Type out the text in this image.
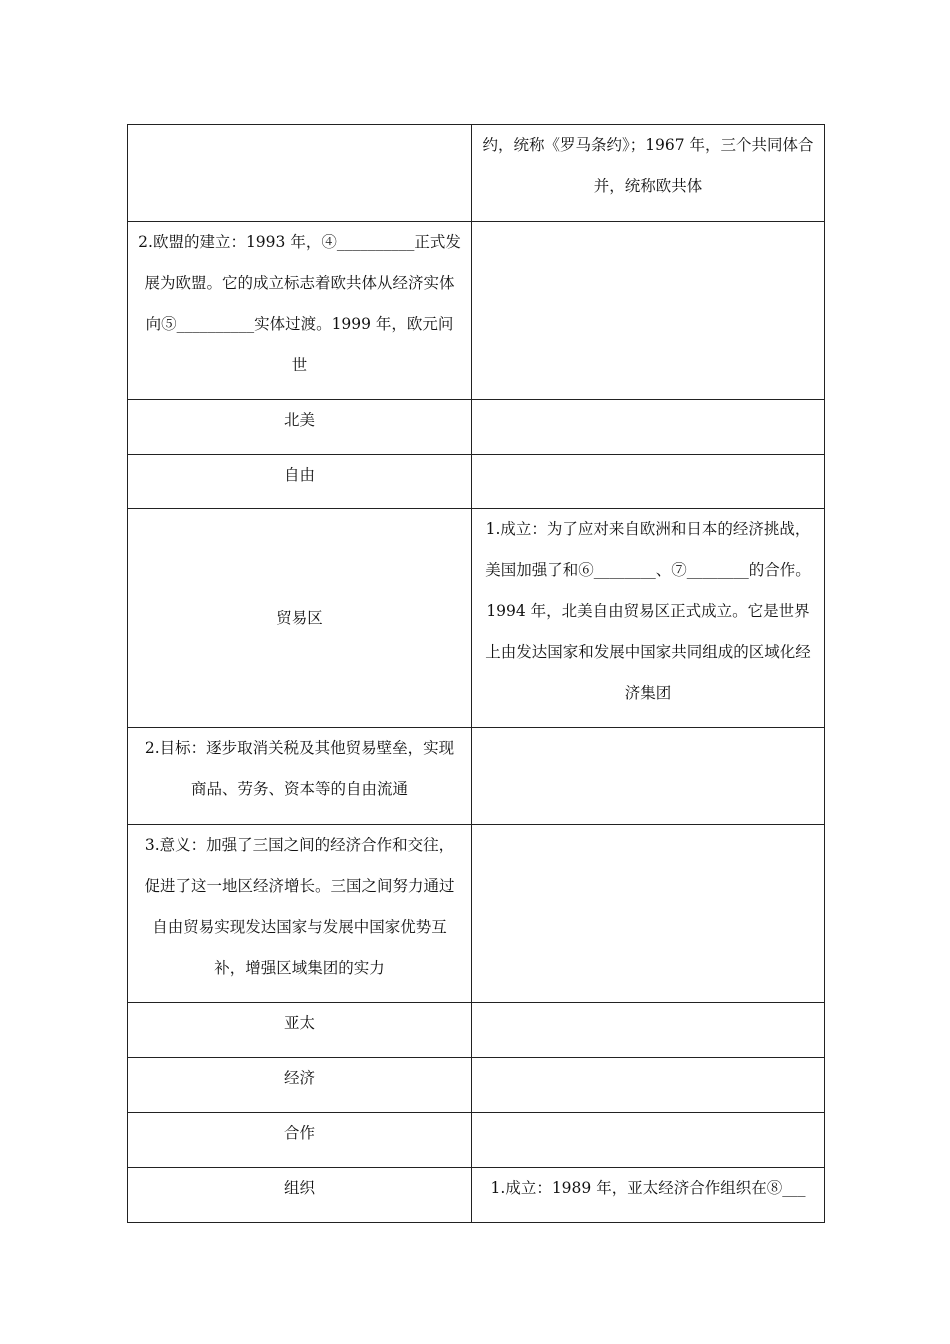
	约，统称《罗马条约》；1967 年，三个共同体合并，统称欧共体
2.欧盟的建立：1993 年，④__________正式发展为欧盟。它的成立标志着欧共体从经济实体向⑤__________实体过渡。1999 年，欧元问世	
北美	
自由	
贸易区	1.成立：为了应对来自欧洲和日本的经济挑战，美国加强了和⑥________、⑦________的合作。1994 年，北美自由贸易区正式成立。它是世界上由发达国家和发展中国家共同组成的区域化经济集团
2.目标：逐步取消关税及其他贸易壁垒，实现商品、劳务、资本等的自由流通	
3.意义：加强了三国之间的经济合作和交往，促进了这一地区经济增长。三国之间努力通过自由贸易实现发达国家与发展中国家优势互补，增强区域集团的实力	
亚太	
经济	
合作	
组织	1.成立：1989 年，亚太经济合作组织在⑧___
